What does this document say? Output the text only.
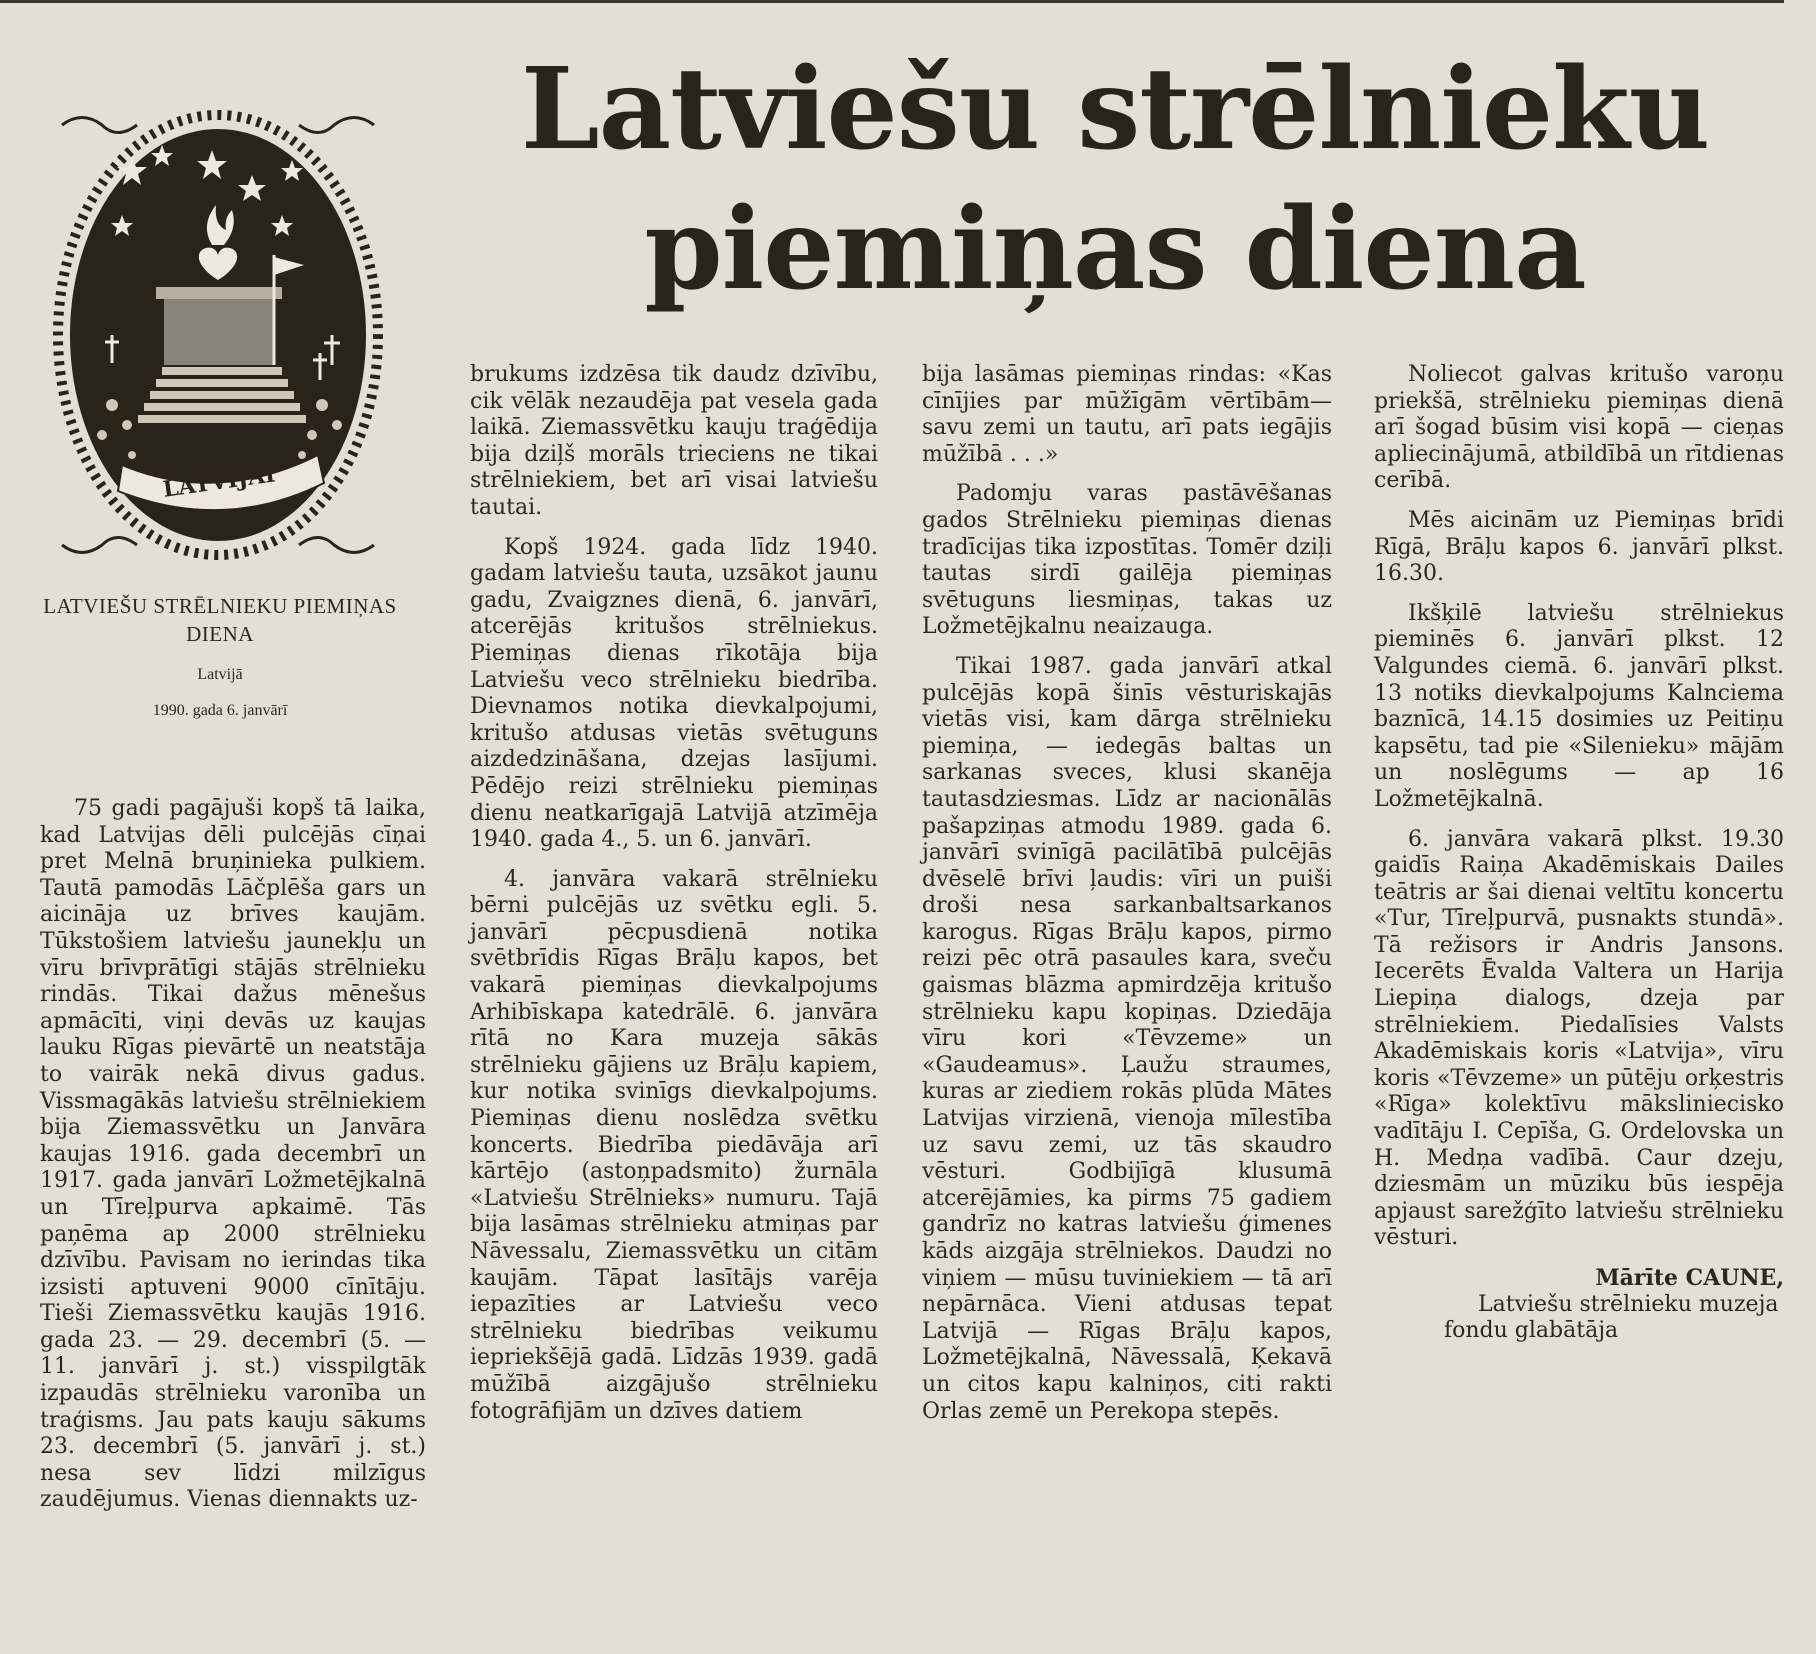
Latviešu strēlnieku piemiņas diena
LATVIJAI
LATVIEŠU STRĒLNIEKU PIEMIŅAS DIENA
Latvijā
1990. gada 6. janvārī

75 gadi pagājuši kopš tā laika, kad Latvijas dēli pulcējās cīņai pret Melnā bruņinieka pulkiem. Tautā pamodās Lāčplēša gars un aicināja uz brīves kaujām. Tūkstošiem latviešu jaunekļu un vīru brīvprātīgi stājās strēlnieku rindās. Tikai dažus mēnešus apmācīti, viņi devās uz kaujas lauku Rīgas pievārtē un neatstāja to vairāk nekā divus gadus. Vissmagākās latviešu strēlniekiem bija Ziemassvētku un Janvāra kaujas 1916. gada decembrī un 1917. gada janvārī Ložmetējkalnā un Tīreļpurva apkaimē. Tās paņēma ap 2000 strēlnieku dzīvību. Pavisam no ierindas tika izsisti aptuveni 9000 cīnītāju. Tieši Ziemassvētku kaujās 1916. gada 23. — 29. decembrī (5. — 11. janvārī j. st.) visspilgtāk izpaudās strēlnieku varonība un traģisms. Jau pats kauju sākums 23. decembrī (5. janvārī j. st.) nesa sev līdzi milzīgus zaudējumus. Vienas diennakts uz-

brukums izdzēsa tik daudz dzīvību, cik vēlāk nezaudēja pat vesela gada laikā. Ziemassvētku kauju traģēdija bija dziļš morāls trieciens ne tikai strēlniekiem, bet arī visai latviešu tautai.

Kopš 1924. gada līdz 1940. gadam latviešu tauta, uzsākot jaunu gadu, Zvaigznes dienā, 6. janvārī, atcerējās kritušos strēlniekus. Piemiņas dienas rīkotāja bija Latviešu veco strēlnieku biedrība. Dievnamos notika dievkalpojumi, kritušo atdusas vietās svētuguns aizdedzināšana, dzejas lasījumi. Pēdējo reizi strēlnieku piemiņas dienu neatkarīgajā Latvijā atzīmēja 1940. gada 4., 5. un 6. janvārī.

4. janvāra vakarā strēlnieku bērni pulcējās uz svētku egli. 5. janvārī pēcpusdienā notika svētbrīdis Rīgas Brāļu kapos, bet vakarā piemiņas dievkalpojums Arhibīskapa katedrālē. 6. janvāra rītā no Kara muzeja sākās strēlnieku gājiens uz Brāļu kapiem, kur notika svinīgs dievkalpojums. Piemiņas dienu noslēdza svētku koncerts. Biedrība piedāvāja arī kārtējo (astoņpadsmito) žurnāla «Latviešu Strēlnieks» numuru. Tajā bija lasāmas strēlnieku atmiņas par Nāvessalu, Ziemassvētku un citām kaujām. Tāpat lasītājs varēja iepazīties ar Latviešu veco strēlnieku biedrības veikumu iepriekšējā gadā. Līdzās 1939. gadā mūžībā aizgājušo strēlnieku fotogrāfijām un dzīves datiem

bija lasāmas piemiņas rindas: «Kas cīnījies par mūžīgām vērtībām— savu zemi un tautu, arī pats iegājis mūžībā . . .»

Padomju varas pastāvēšanas gados Strēlnieku piemiņas dienas tradīcijas tika izpostītas. Tomēr dziļi tautas sirdī gailēja piemiņas svētuguns liesmiņas, takas uz Ložmetējkalnu neaizauga.

Tikai 1987. gada janvārī atkal pulcējās kopā šinīs vēsturiskajās vietās visi, kam dārga strēlnieku piemiņa, — iedegās baltas un sarkanas sveces, klusi skanēja tautasdziesmas. Līdz ar nacionālās pašapziņas atmodu 1989. gada 6. janvārī svinīgā pacilātībā pulcējās dvēselē brīvi ļaudis: vīri un puiši droši nesa sarkanbaltsarkanos karogus. Rīgas Brāļu kapos, pirmo reizi pēc otrā pasaules kara, sveču gaismas blāzma apmirdzēja kritušo strēlnieku kapu kopiņas. Dziedāja vīru kori «Tēvzeme» un «Gaudeamus». Ļaužu straumes, kuras ar ziediem rokās plūda Mātes Latvijas virzienā, vienoja mīlestība uz savu zemi, uz tās skaudro vēsturi. Godbijīgā klusumā atcerējāmies, ka pirms 75 gadiem gandrīz no katras latviešu ģimenes kāds aizgāja strēlniekos. Daudzi no viņiem — mūsu tuviniekiem — tā arī nepārnāca. Vieni atdusas tepat Latvijā — Rīgas Brāļu kapos, Ložmetējkalnā, Nāvessalā, Ķekavā un citos kapu kalniņos, citi rakti Orlas zemē un Perekopa stepēs.

Noliecot galvas kritušo varoņu priekšā, strēlnieku piemiņas dienā arī šogad būsim visi kopā — cieņas apliecinājumā, atbildībā un rītdienas cerībā.

Mēs aicinām uz Piemiņas brīdi Rīgā, Brāļu kapos 6. janvārī plkst. 16.30.

Ikšķilē latviešu strēlniekus pieminēs 6. janvārī plkst. 12 Valgundes ciemā. 6. janvārī plkst. 13 notiks dievkalpojums Kalnciema baznīcā, 14.15 dosimies uz Peitiņu kapsētu, tad pie «Silenieku» mājām un noslēgums — ap 16 Ložmetējkalnā.

6. janvāra vakarā plkst. 19.30 gaidīs Raiņa Akadēmiskais Dailes teātris ar šai dienai veltītu koncertu «Tur, Tīreļpurvā, pusnakts stundā». Tā režisors ir Andris Jansons. Iecerēts Ēvalda Valtera un Harija Liepiņa dialogs, dzeja par strēlniekiem. Piedalīsies Valsts Akadēmiskais koris «Latvija», vīru koris «Tēvzeme» un pūtēju orķestris «Rīga» kolektīvu mākslinieciskо vadītāju I. Cepīša, G. Ordelovska un H. Medņa vadībā. Caur dzeju, dziesmām un mūziku būs iespēja apjaust sarežģīto latviešu strēlnieku vēsturi.

Mārīte CAUNE,
Latviešu strēlnieku muzeja fondu glabātāja
